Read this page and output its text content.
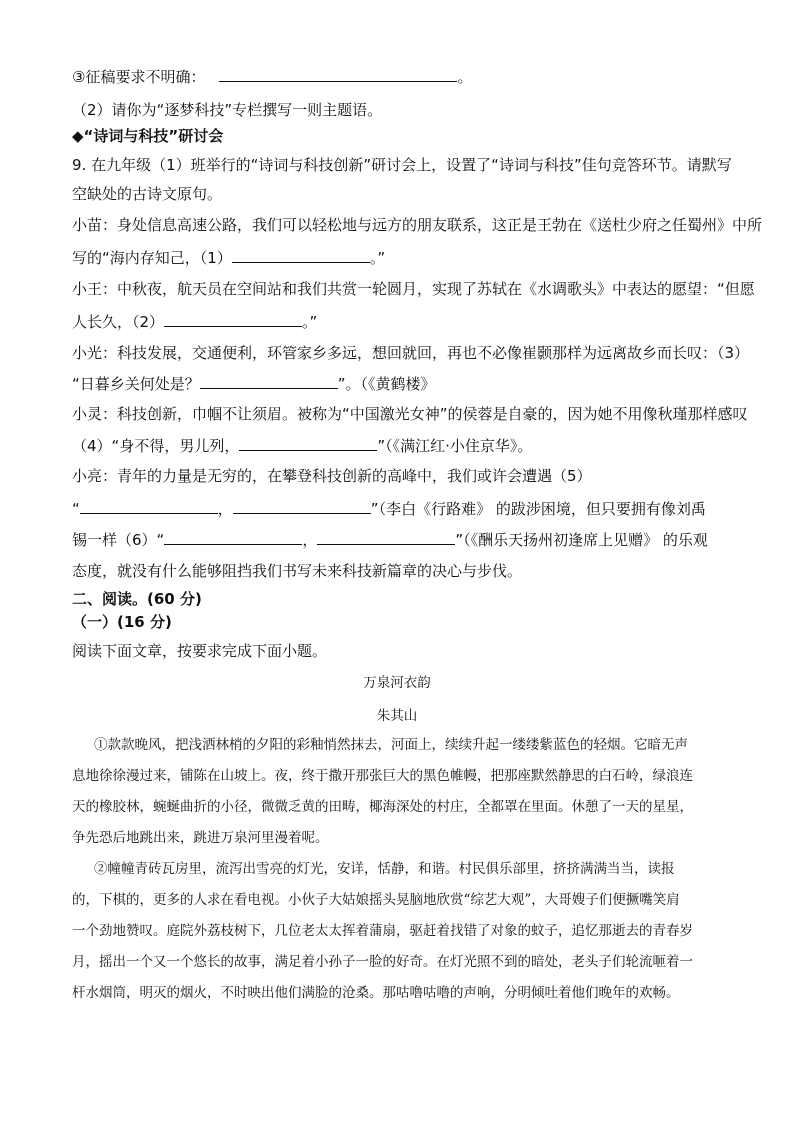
③征稿要求不明确：	。
（2）请你为“逐梦科技”专栏撰写一则主题语。
◆“诗词与科技”研讨会
9. 在九年级（1）班举行的“诗词与科技创新”研讨会上，设置了“诗词与科技”佳句竞答环节。请默写
空缺处的古诗文原句。
小苗：身处信息高速公路，我们可以轻松地与远方的朋友联系，这正是王勃在《送杜少府之任蜀州》中所
写的“海内存知己，（1）	。”
小王：中秋夜，航天员在空间站和我们共赏一轮圆月，实现了苏轼在《水调歌头》中表达的愿望：“但愿
人长久，（2）	。”
小光：科技发展，交通便利，环管家乡多远，想回就回，再也不必像崔颢那样为远离故乡而长叹：（3）
“日暮乡关何处是？	”。（《黄鹤楼》
小灵：科技创新，巾帼不让须眉。被称为“中国激光女神”的侯蓉是自豪的，因为她不用像秋瑾那样感叹
（4）“身不得，男儿列，	”（《满江红·小住京华》。
小亮：青年的力量是无穷的，在攀登科技创新的高峰中，我们或许会遭遇（5）
“	，	”（李白《行路难》 的跋涉困境，但只要拥有像刘禹
锡一样（6）“	，	”（《酬乐天扬州初逢席上见赠》 的乐观
态度，就没有什么能够阻挡我们书写未来科技新篇章的决心与步伐。
二、阅读。(60 分)
（一）(16 分)
阅读下面文章，按要求完成下面小题。
万泉河衣韵
朱其山
①款款晚风，把浅洒林梢的夕阳的彩釉悄然抹去，河面上，续续升起一缕缕紫蓝色的轻烟。它暗无声
息地徐徐漫过来，铺陈在山坡上。夜，终于撒开那张巨大的黑色帷幔，把那座默然静思的白石岭，绿浪连
天的橡胶林，蜿蜒曲折的小径，微微乏黄的田畴，椰海深处的村庄，全都罩在里面。休憩了一天的星星，
争先恐后地跳出来，跳进万泉河里漫着呢。
②幢幢青砖瓦房里，流泻出雪亮的灯光，安详，恬静，和谐。村民俱乐部里，挤挤满满当当，读报
的，下棋的，更多的人求在看电视。小伙子大姑娘摇头晃脑地欣赏“综艺大观”，大哥嫂子们便撅嘴笑肩
一个劲地赞叹。庭院外荔枝树下，几位老太太挥着蒲扇，驱赶着找错了对象的蚊子，追忆那逝去的青春岁
月，摇出一个又一个悠长的故事，满足着小孙子一脸的好奇。在灯光照不到的暗处，老头子们轮流咂着一
杆水烟筒，明灭的烟火，不时映出他们满脸的沧桑。那咕噜咕噜的声响，分明倾吐着他们晚年的欢畅。
